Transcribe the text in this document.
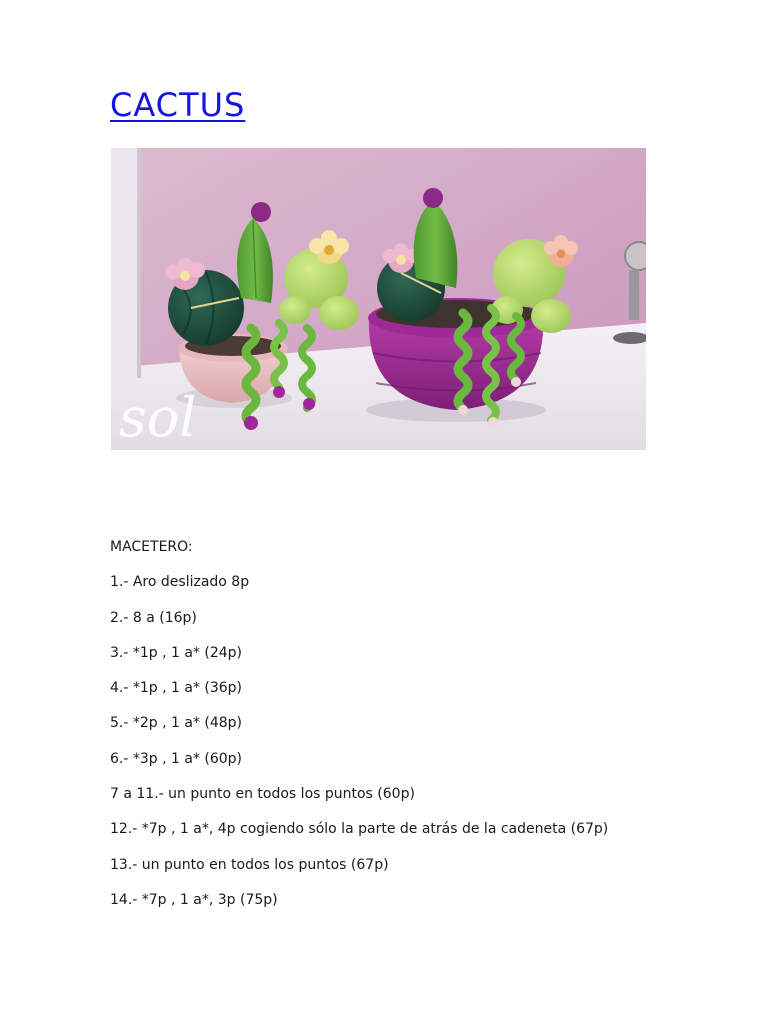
CACTUS
sol
MACETERO:
1.- Aro deslizado 8p
2.- 8 a (16p)
3.- *1p , 1 a* (24p)
4.- *1p , 1 a* (36p)
5.- *2p , 1 a* (48p)
6.- *3p , 1 a* (60p)
7 a 11.- un punto en todos los puntos (60p)
12.- *7p , 1 a*, 4p cogiendo sólo la parte de atrás de la cadeneta (67p)
13.- un punto en todos los puntos (67p)
14.- *7p , 1 a*, 3p (75p)
